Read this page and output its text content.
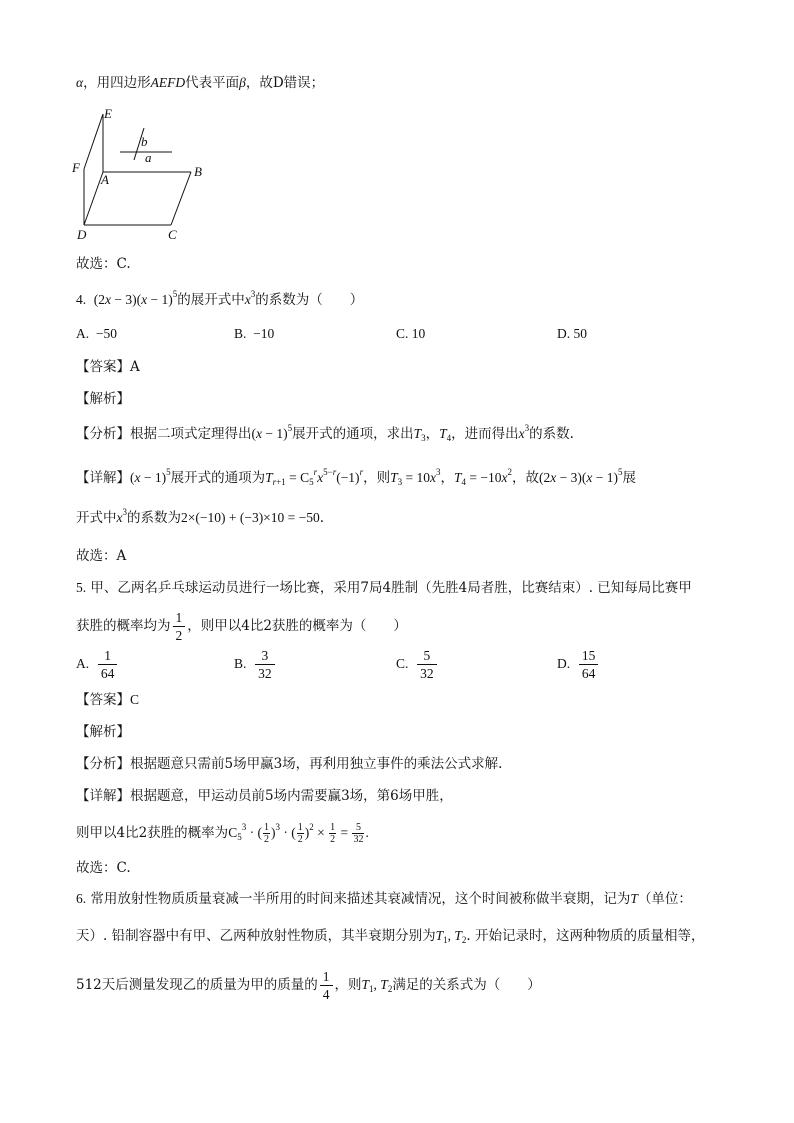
α，用四边形AEFD代表平面β，故D错误；
E
F
A
B
D	C
b
a
故选：C.
4.  $(2x - 3)(x - 1)^5$的展开式中$x^3$的系数为（　　）
A. −50	B. −10	C. 10	D. 50
【答案】A
【解析】
【分析】根据二项式定理得出$(x - 1)^5$展开式的通项，求出$T_3$，$T_4$，进而得出$x^3$的系数.
【详解】$(x - 1)^5$展开式的通项为$T_{r+1} = C_5^rx^{5-r}(-1)^r$，则$T_3 = 10x^3$，$T_4 = -10x^2$，故$(2x - 3)(x - 1)^5$展
开式中$x^3$的系数为2×(−10) + (−3)×10 = −50.
故选：A
5. 甲、乙两名乒乓球运动员进行一场比赛，采用7局4胜制（先胜4局者胜，比赛结束）. 已知每局比赛甲
获胜的概率均为 $\frac{1}{2}$ ，则甲以4比2获胜的概率为（　　）
A. $\frac{1}{64}$	B. $\frac{3}{32}$	C. $\frac{5}{32}$	D. $\frac{15}{64}$
【答案】C
【解析】
【分析】根据题意只需前5场甲赢3场，再利用独立事件的乘法公式求解.
【详解】根据题意，甲运动员前5场内需要赢3场，第6场甲胜，
则甲以4比2获胜的概率为$C_5^3$ · ( $\frac{1}{2} )^3$ · ( $\frac{1}{2} )^2 \times \frac{1}{2} = \frac{5}{32}$ .
故选：C.
6. 常用放射性物质质量衰减一半所用的时间来描述其衰减情况，这个时间被称做半衰期，记为T（单位：
天）. 铅制容器中有甲、乙两种放射性物质，其半衰期分别为$T_1$, $T_2$. 开始记录时，这两种物质的质量相等，
512天后测量发现乙的质量为甲的质量的 $\frac{1}{4}$ ，则$T_1$, $T_2$满足的关系式为（　　）
